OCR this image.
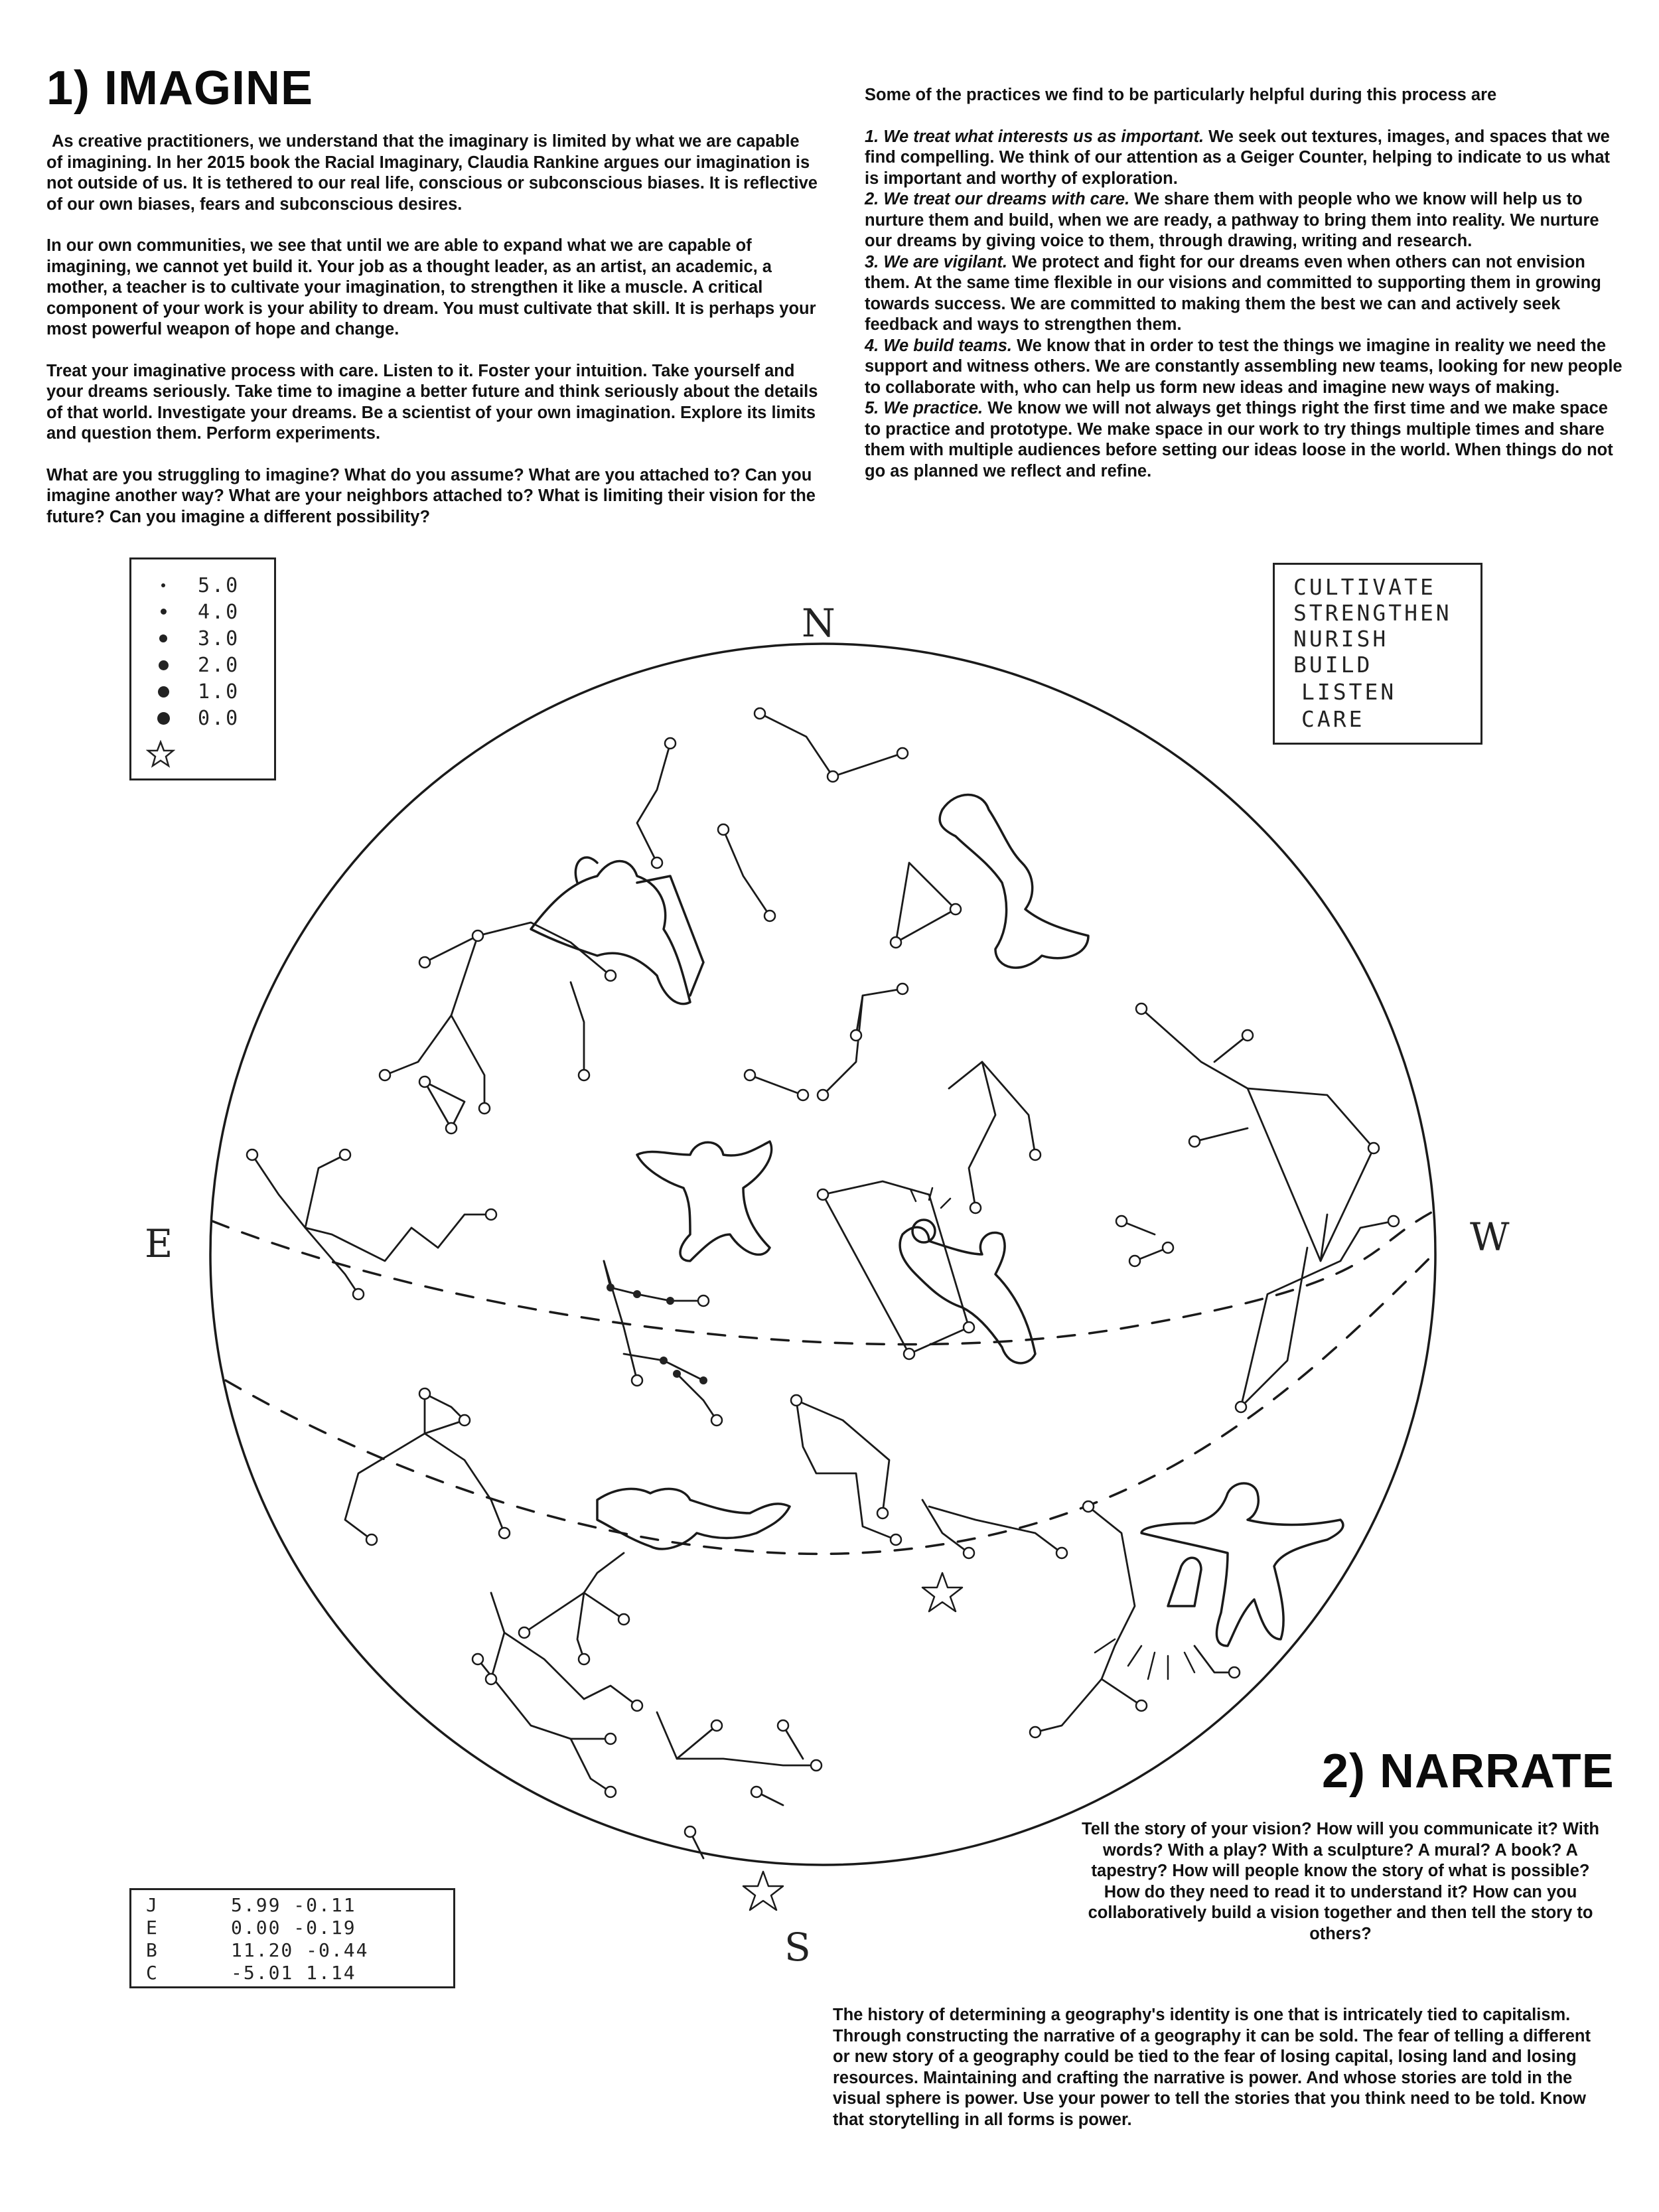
1) IMAGINE

As creative practitioners, we understand that the imaginary is limited by what we are capable of imagining. In her 2015 book the Racial Imaginary, Claudia Rankine argues our imagination is not outside of us. It is tethered to our real life, conscious or subconscious biases. It is reflective of our own biases, fears and subconscious desires.

In our own communities, we see that until we are able to expand what we are capable of imagining, we cannot yet build it. Your job as a thought leader, as an artist, an academic, a mother, a teacher is to cultivate your imagination, to strengthen it like a muscle. A critical component of your work is your ability to dream. You must cultivate that skill. It is perhaps your most powerful weapon of hope and change.

Treat your imaginative process with care. Listen to it. Foster your intuition. Take yourself and your dreams seriously. Take time to imagine a better future and think seriously about the details of that world. Investigate your dreams. Be a scientist of your own imagination. Explore its limits and question them. Perform experiments.

What are you struggling to imagine? What do you assume? What are you attached to? Can you imagine another way? What are your neighbors attached to? What is limiting their vision for the future? Can you imagine a different possibility?

Some of the practices we find to be particularly helpful during this process are

1. We treat what interests us as important. We seek out textures, images, and spaces that we find compelling. We think of our attention as a Geiger Counter, helping to indicate to us what is important and worthy of exploration.

2. We treat our dreams with care. We share them with people who we know will help us to nurture them and build, when we are ready, a pathway to bring them into reality. We nurture our dreams by giving voice to them, through drawing, writing and research.

3. We are vigilant. We protect and fight for our dreams even when others can not envision them. At the same time flexible in our visions and committed to supporting them in growing towards success. We are committed to making them the best we can and actively seek feedback and ways to strengthen them.

4. We build teams. We know that in order to test the things we imagine in reality we need the support and witness others. We are constantly assembling new teams, looking for new people to collaborate with, who can help us form new ideas and imagine new ways of making.

5. We practice. We know we will not always get things right the first time and we make space to practice and prototype. We make space in our work to try things multiple times and share them with multiple audiences before setting our ideas loose in the world. When things do not go as planned we reflect and refine.

N
S
E	W
5.0
4.0
3.0
2.0
1.0
0.0
CULTIVATE
STRENGTHEN
NURISH
BUILD
LISTEN
CARE
J	5.99 -0.11
E	0.00 -0.19
B	11.20 -0.44
C	-5.01 1.14
2) NARRATE
Tell the story of your vision? How will you communicate it? With words? With a play? With a sculpture? A mural? A book? A tapestry? How will people know the story of what is possible? How do they need to read it to understand it? How can you collaboratively build a vision together and then tell the story to others?
The history of determining a geography's identity is one that is intricately tied to capitalism. Through constructing the narrative of a geography it can be sold. The fear of telling a different or new story of a geography could be tied to the fear of losing capital, losing land and losing resources. Maintaining and crafting the narrative is power. And whose stories are told in the visual sphere is power. Use your power to tell the stories that you think need to be told. Know that storytelling in all forms is power.
